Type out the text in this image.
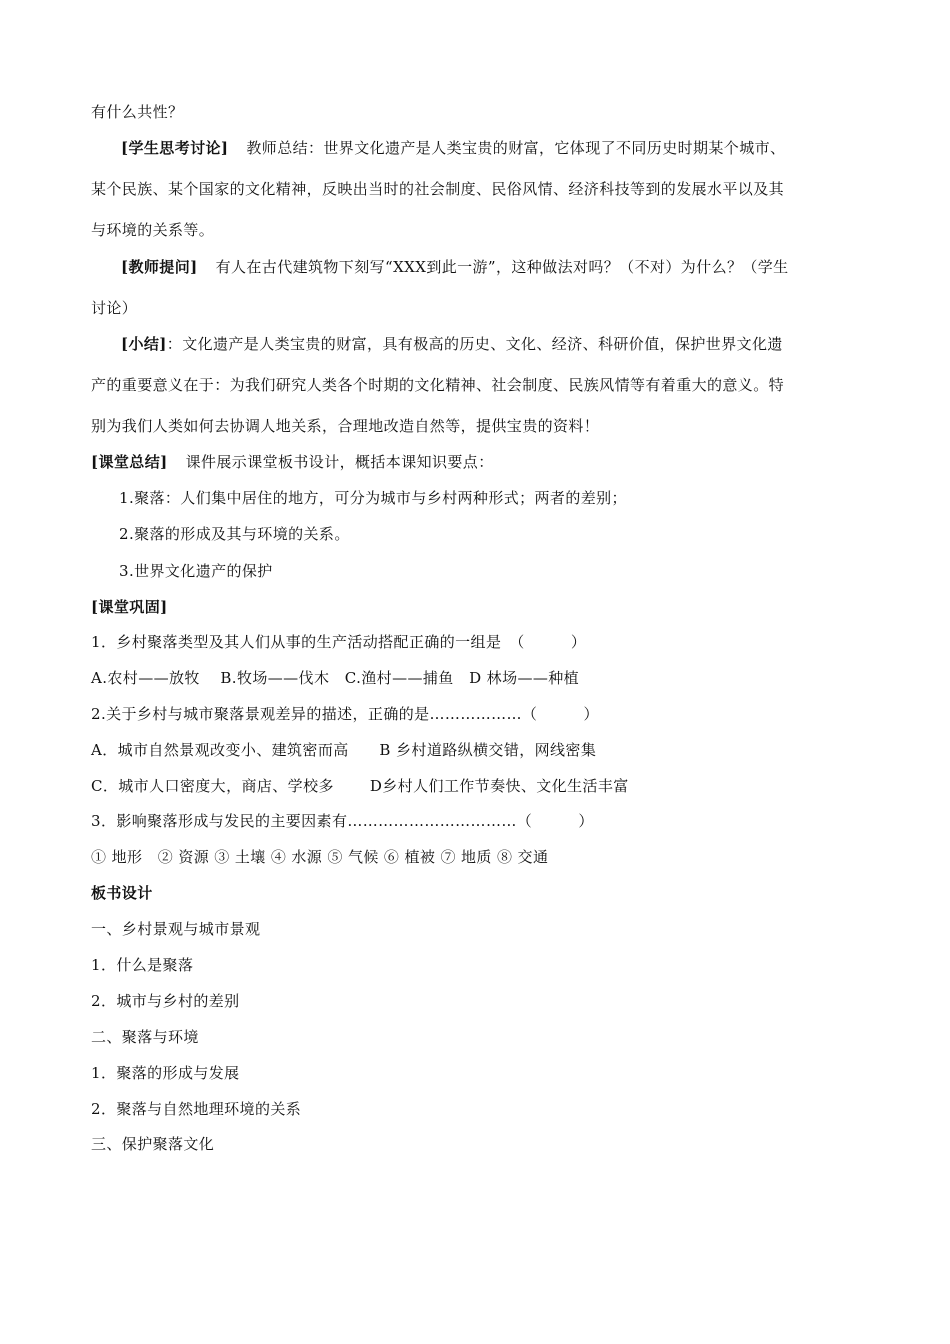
有什么共性？
[学生思考讨论] 教师总结：世界文化遗产是人类宝贵的财富，它体现了不同历史时期某个城市、
某个民族、某个国家的文化精神，反映出当时的社会制度、民俗风情、经济科技等到的发展水平以及其
与环境的关系等。
[教师提问] 有人在古代建筑物下刻写“XXX到此一游”，这种做法对吗？（不对）为什么？（学生
讨论）
[小结]：文化遗产是人类宝贵的财富，具有极高的历史、文化、经济、科研价值，保护世界文化遗
产的重要意义在于：为我们研究人类各个时期的文化精神、社会制度、民族风情等有着重大的意义。特
别为我们人类如何去协调人地关系，合理地改造自然等，提供宝贵的资料！
[课堂总结] 课件展示课堂板书设计，概括本课知识要点：
1.聚落：人们集中居住的地方，可分为城市与乡村两种形式；两者的差别；
2.聚落的形成及其与环境的关系。
3.世界文化遗产的保护
[课堂巩固]
1．乡村聚落类型及其人们从事的生产活动搭配正确的一组是　（　　　）
A.农村——放牧　 B.牧场——伐木　C.渔村——捕鱼　D 林场——种植
2.关于乡村与城市聚落景观差异的描述，正确的是………………（　　　）
A．城市自然景观改变小、建筑密而高　　B 乡村道路纵横交错，网线密集
C．城市人口密度大，商店、学校多　　 D乡村人们工作节奏快、文化生活丰富
3．影响聚落形成与发民的主要因素有……………………………（　　　）
① 地形　② 资源 ③ 土壤 ④ 水源 ⑤ 气候 ⑥ 植被 ⑦ 地质 ⑧ 交通
板书设计
一、乡村景观与城市景观
1．什么是聚落
2．城市与乡村的差别
二、聚落与环境
1．聚落的形成与发展
2．聚落与自然地理环境的关系
三、保护聚落文化
